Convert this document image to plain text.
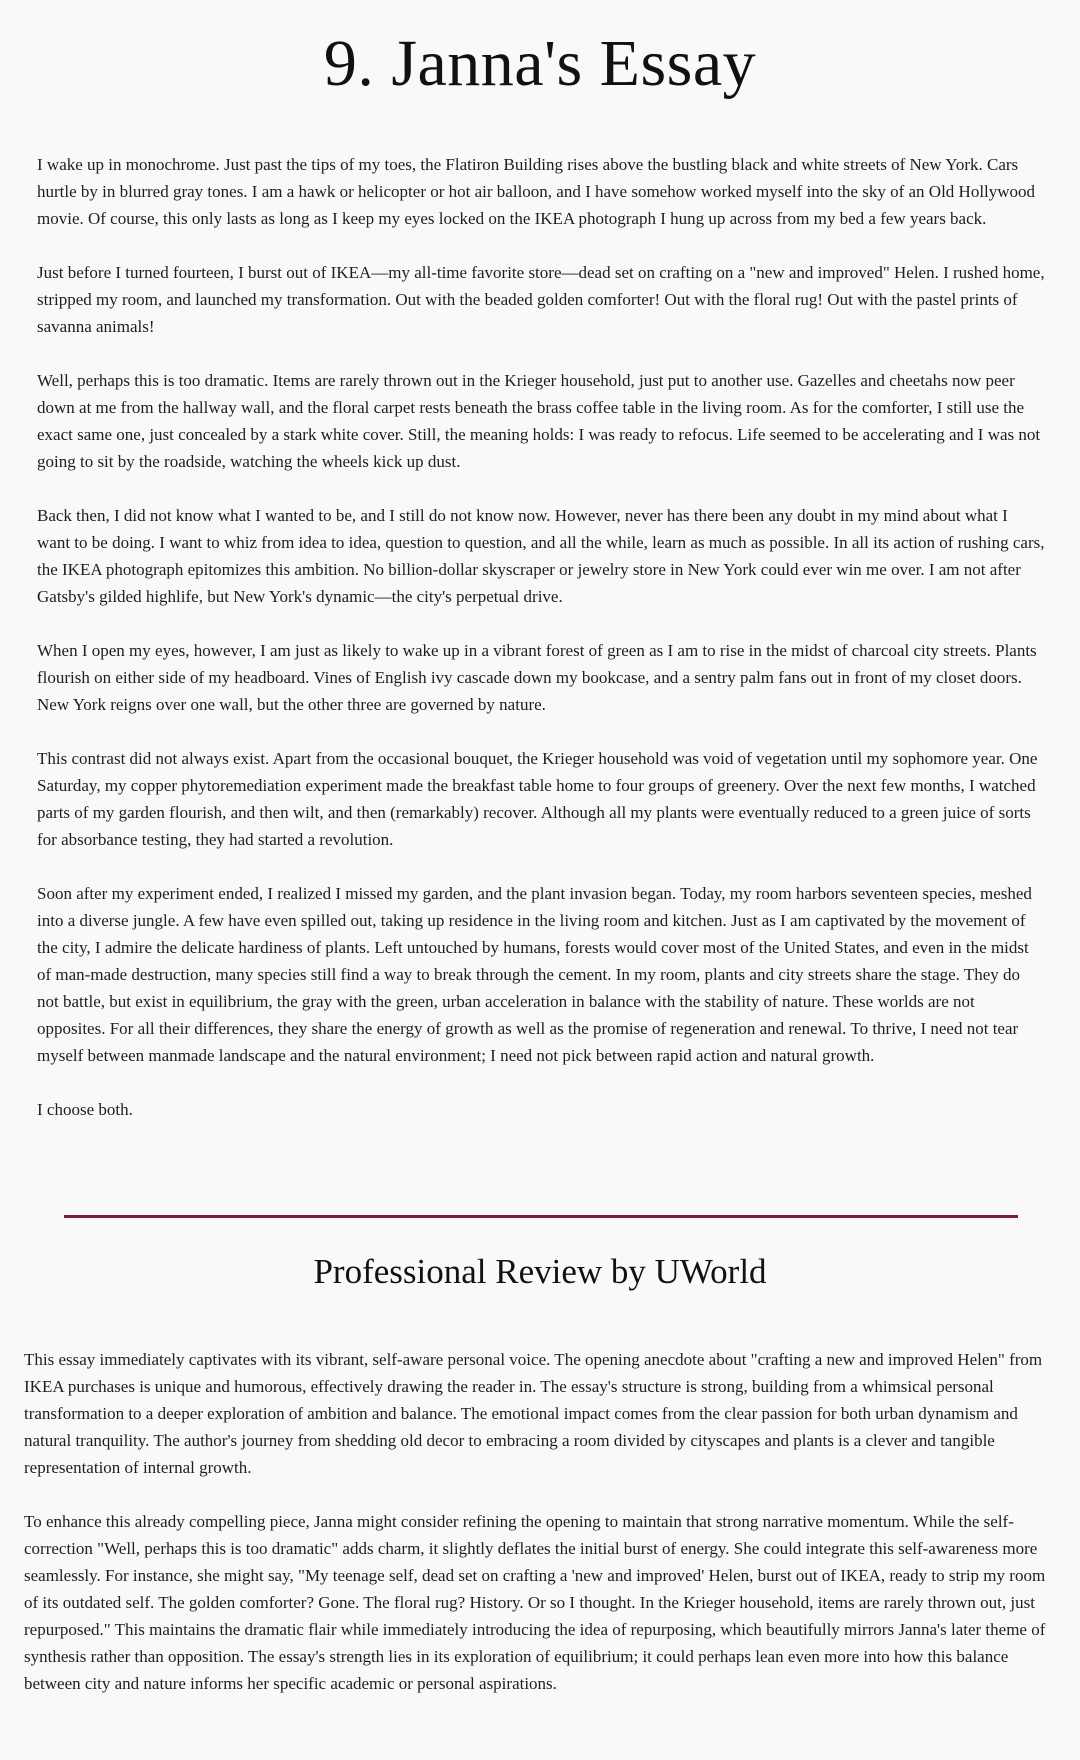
9. Janna's Essay

I wake up in monochrome. Just past the tips of my toes, the Flatiron Building rises above the bustling black and white streets of New York. Cars hurtle by in blurred gray tones. I am a hawk or helicopter or hot air balloon, and I have somehow worked myself into the sky of an Old Hollywood movie. Of course, this only lasts as long as I keep my eyes locked on the IKEA photograph I hung up across from my bed a few years back.

Just before I turned fourteen, I burst out of IKEA—my all-time favorite store—dead set on crafting on a "new and improved" Helen. I rushed home, stripped my room, and launched my transformation. Out with the beaded golden comforter! Out with the floral rug! Out with the pastel prints of savanna animals!

Well, perhaps this is too dramatic. Items are rarely thrown out in the Krieger household, just put to another use. Gazelles and cheetahs now peer down at me from the hallway wall, and the floral carpet rests beneath the brass coffee table in the living room. As for the comforter, I still use the exact same one, just concealed by a stark white cover. Still, the meaning holds: I was ready to refocus. Life seemed to be accelerating and I was not going to sit by the roadside, watching the wheels kick up dust.

Back then, I did not know what I wanted to be, and I still do not know now. However, never has there been any doubt in my mind about what I want to be doing. I want to whiz from idea to idea, question to question, and all the while, learn as much as possible. In all its action of rushing cars, the IKEA photograph epitomizes this ambition. No billion-dollar skyscraper or jewelry store in New York could ever win me over. I am not after Gatsby's gilded highlife, but New York's dynamic—the city's perpetual drive.

When I open my eyes, however, I am just as likely to wake up in a vibrant forest of green as I am to rise in the midst of charcoal city streets. Plants flourish on either side of my headboard. Vines of English ivy cascade down my bookcase, and a sentry palm fans out in front of my closet doors. New York reigns over one wall, but the other three are governed by nature.

This contrast did not always exist. Apart from the occasional bouquet, the Krieger household was void of vegetation until my sophomore year. One Saturday, my copper phytoremediation experiment made the breakfast table home to four groups of greenery. Over the next few months, I watched parts of my garden flourish, and then wilt, and then (remarkably) recover. Although all my plants were eventually reduced to a green juice of sorts for absorbance testing, they had started a revolution.

Soon after my experiment ended, I realized I missed my garden, and the plant invasion began. Today, my room harbors seventeen species, meshed into a diverse jungle. A few have even spilled out, taking up residence in the living room and kitchen. Just as I am captivated by the movement of the city, I admire the delicate hardiness of plants. Left untouched by humans, forests would cover most of the United States, and even in the midst of man-made destruction, many species still find a way to break through the cement. In my room, plants and city streets share the stage. They do not battle, but exist in equilibrium, the gray with the green, urban acceleration in balance with the stability of nature. These worlds are not opposites. For all their differences, they share the energy of growth as well as the promise of regeneration and renewal. To thrive, I need not tear myself between manmade landscape and the natural environment; I need not pick between rapid action and natural growth.

I choose both.

Professional Review by UWorld

This essay immediately captivates with its vibrant, self-aware personal voice. The opening anecdote about "crafting a new and improved Helen" from IKEA purchases is unique and humorous, effectively drawing the reader in. The essay's structure is strong, building from a whimsical personal transformation to a deeper exploration of ambition and balance. The emotional impact comes from the clear passion for both urban dynamism and natural tranquility. The author's journey from shedding old decor to embracing a room divided by cityscapes and plants is a clever and tangible representation of internal growth.

To enhance this already compelling piece, Janna might consider refining the opening to maintain that strong narrative momentum. While the self-correction "Well, perhaps this is too dramatic" adds charm, it slightly deflates the initial burst of energy. She could integrate this self-awareness more seamlessly. For instance, she might say, "My teenage self, dead set on crafting a 'new and improved' Helen, burst out of IKEA, ready to strip my room of its outdated self. The golden comforter? Gone. The floral rug? History. Or so I thought. In the Krieger household, items are rarely thrown out, just repurposed." This maintains the dramatic flair while immediately introducing the idea of repurposing, which beautifully mirrors Janna's later theme of synthesis rather than opposition. The essay's strength lies in its exploration of equilibrium; it could perhaps lean even more into how this balance between city and nature informs her specific academic or personal aspirations.
